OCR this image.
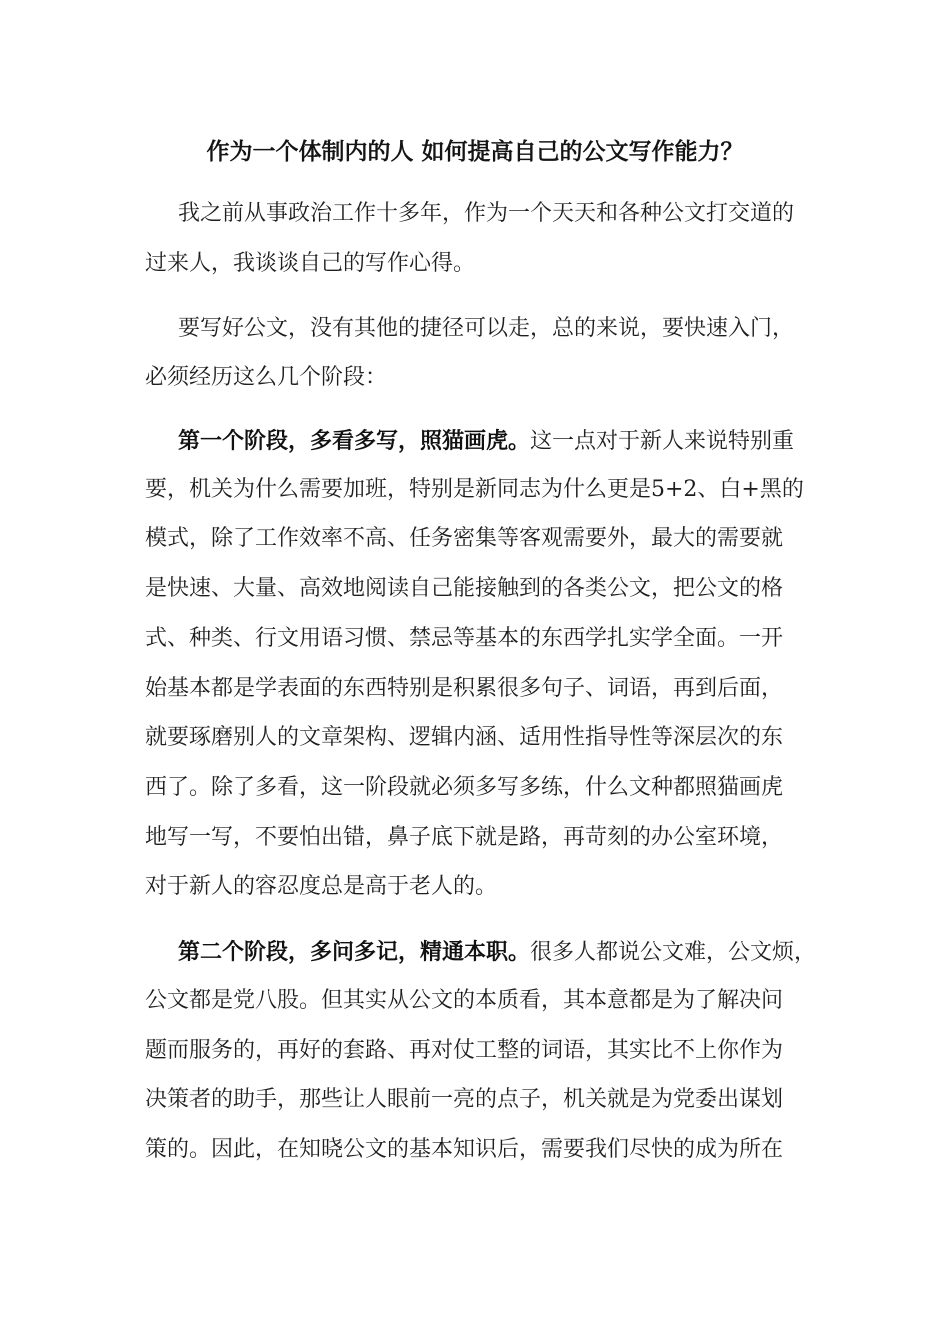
作为一个体制内的人 如何提高自己的公文写作能力？
我之前从事政治工作十多年，作为一个天天和各种公文打交道的
过来人，我谈谈自己的写作心得。
要写好公文，没有其他的捷径可以走，总的来说，要快速入门，
必须经历这么几个阶段：
第一个阶段，多看多写，照猫画虎。这一点对于新人来说特别重
要，机关为什么需要加班，特别是新同志为什么更是5+2、白+黑的
模式，除了工作效率不高、任务密集等客观需要外，最大的需要就
是快速、大量、高效地阅读自己能接触到的各类公文，把公文的格
式、种类、行文用语习惯、禁忌等基本的东西学扎实学全面。一开
始基本都是学表面的东西特别是积累很多句子、词语，再到后面，
就要琢磨别人的文章架构、逻辑内涵、适用性指导性等深层次的东
西了。除了多看，这一阶段就必须多写多练，什么文种都照猫画虎
地写一写，不要怕出错，鼻子底下就是路，再苛刻的办公室环境，
对于新人的容忍度总是高于老人的。
第二个阶段，多问多记，精通本职。很多人都说公文难，公文烦，
公文都是党八股。但其实从公文的本质看，其本意都是为了解决问
题而服务的，再好的套路、再对仗工整的词语，其实比不上你作为
决策者的助手，那些让人眼前一亮的点子，机关就是为党委出谋划
策的。因此，在知晓公文的基本知识后，需要我们尽快的成为所在
